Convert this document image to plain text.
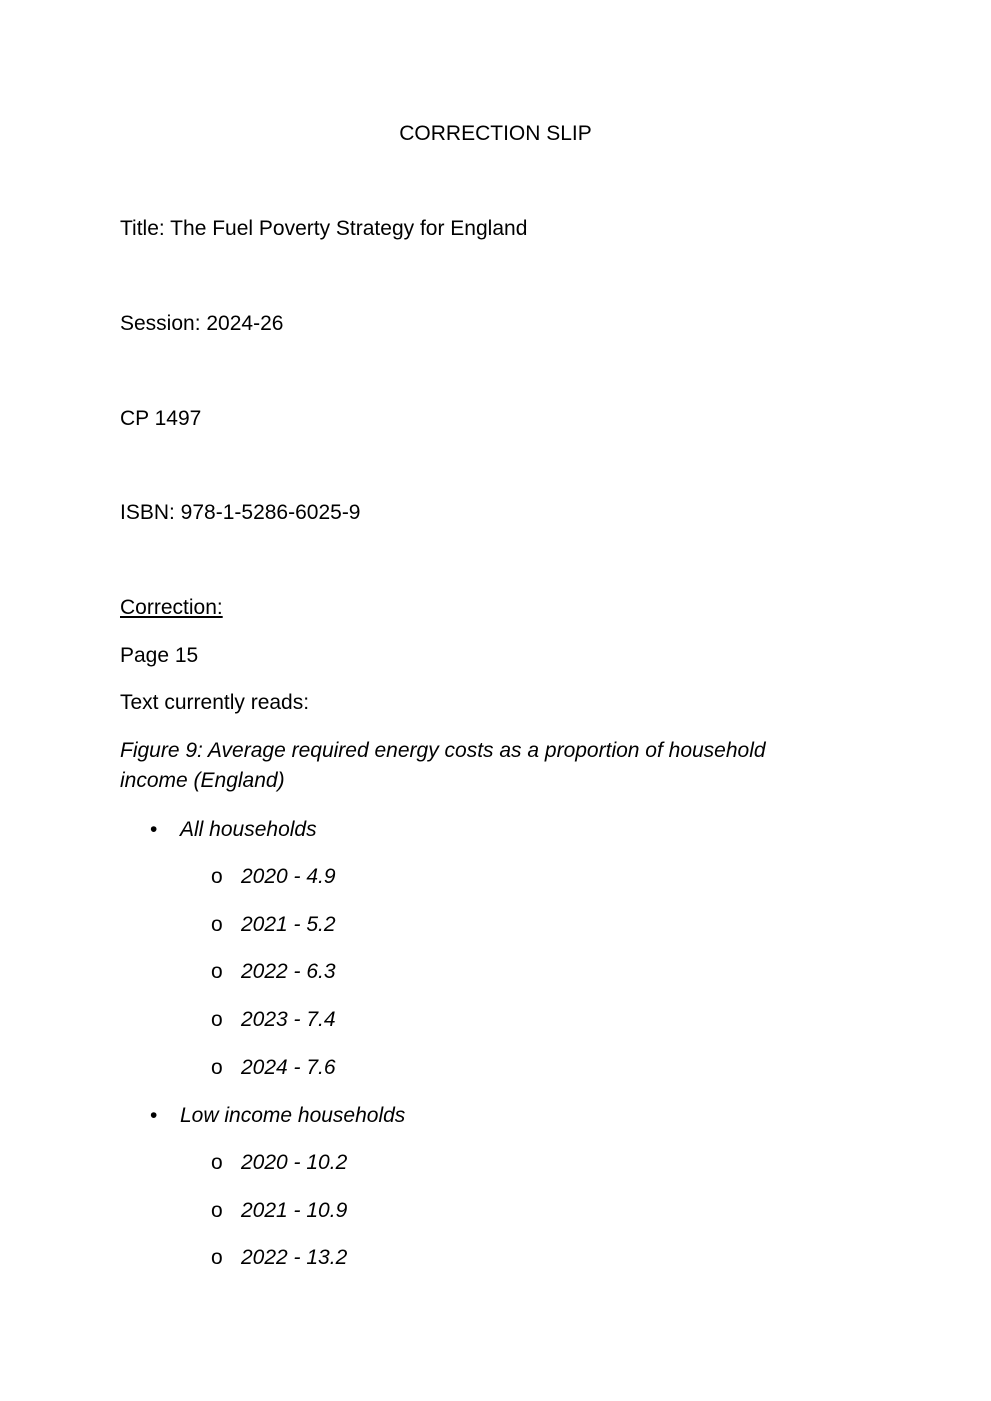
CORRECTION SLIP
Title: The Fuel Poverty Strategy for England
Session: 2024-26
CP 1497
ISBN: 978-1-5286-6025-9
Correction:
Page 15
Text currently reads:
Figure 9: Average required energy costs as a proportion of household
income (England)
• All households
o 2020 - 4.9
o 2021 - 5.2
o 2022 - 6.3
o 2023 - 7.4
o 2024 - 7.6
• Low income households
o 2020 - 10.2
o 2021 - 10.9
o 2022 - 13.2
